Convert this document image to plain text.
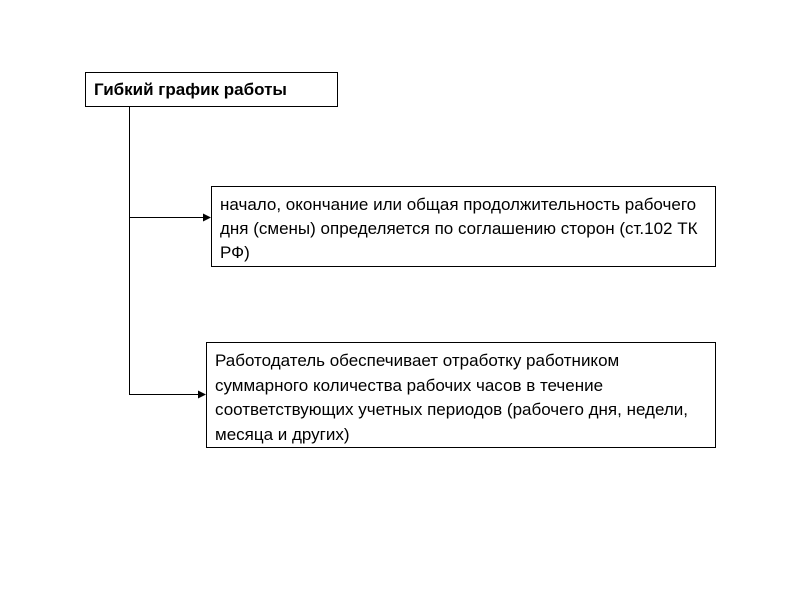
Гибкий график работы
начало, окончание или общая продолжительность рабочего дня (смены) определяется по соглашению сторон (ст.102 ТК РФ)
Работодатель обеспечивает отработку работником суммарного количества рабочих часов в течение соответствующих учетных периодов (рабочего дня, недели, месяца и других)
